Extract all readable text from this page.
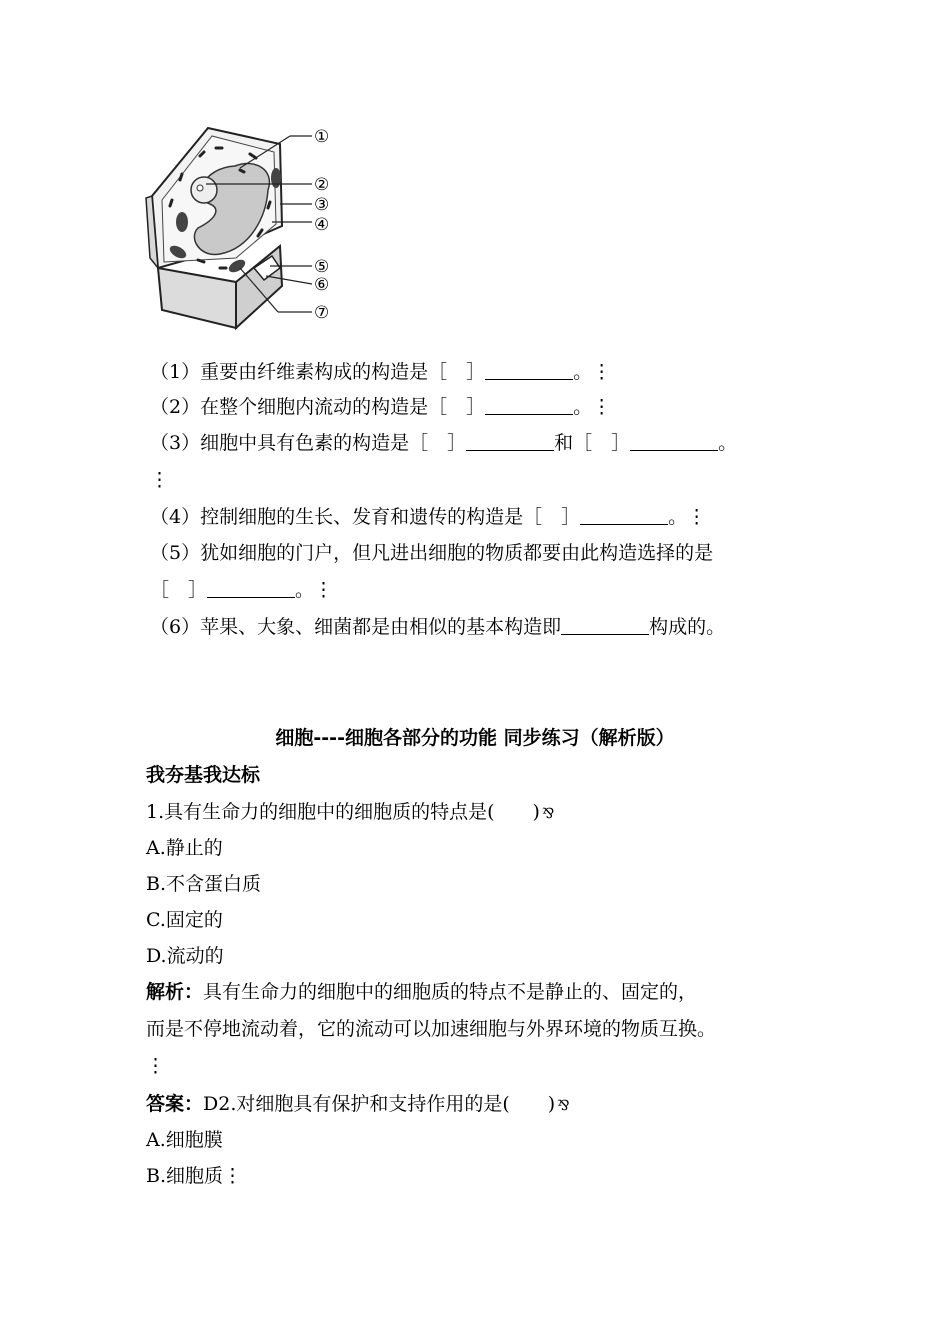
①
②
③
④
⑤
⑥
⑦
（1）重要由纤维素构成的构造是［　］	。⋮
（2）在整个细胞内流动的构造是［　］	。⋮
（3）细胞中具有色素的构造是［　］	和［　］	。
⋮
（4）控制细胞的生长、发育和遗传的构造是［　］	。⋮
（5）犹如细胞的门户，但凡进出细胞的物质都要由此构造选择的是
［　］	。⋮
（6）苹果、大象、细菌都是由相似的基本构造即	构成的。
细胞----细胞各部分的功能 同步练习（解析版）
我夯基我达标
1.具有生命力的细胞中的细胞质的特点是(　　) ⅋
A.静止的
B.不含蛋白质
C.固定的
D.流动的
解析：具有生命力的细胞中的细胞质的特点不是静止的、固定的，
而是不停地流动着，它的流动可以加速细胞与外界环境的物质互换。
⋮
答案：D2.对细胞具有保护和支持作用的是(　　) ⅋
A.细胞膜
B.细胞质⋮
